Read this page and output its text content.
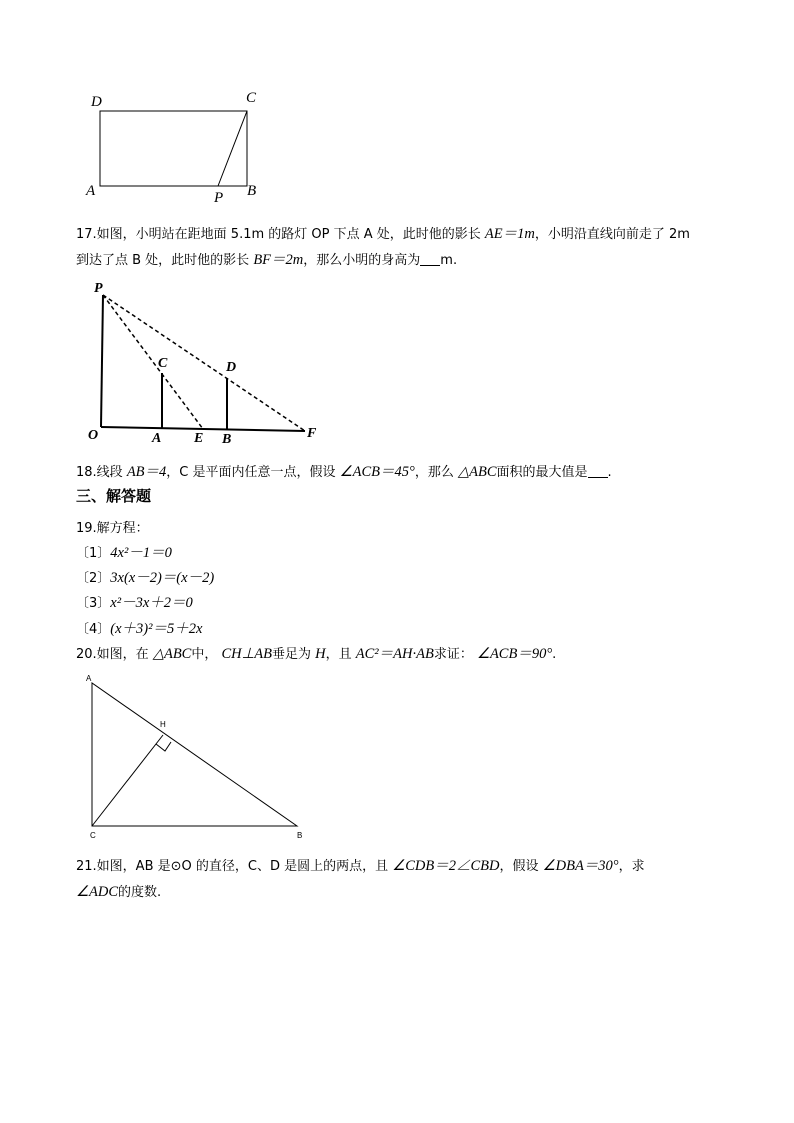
D	C
A	P B
17.如图，小明站在距地面 5.1m 的路灯 OP 下点 A 处，此时他的影长 AE＝1m，小明沿直线向前走了 2m
到达了点 B 处，此时他的影长 BF＝2m，那么小明的身高为 m.
P
C	D
O	A E B	F
18.线段 AB＝4，C 是平面内任意一点，假设 ∠ACB＝45°，那么 △ABC面积的最大值是 .
三、解答题
19.解方程：
〔1〕4x²－1＝0
〔2〕3x(x－2)＝(x－2)
〔3〕x²－3x＋2＝0
〔4〕(x＋3)²＝5＋2x
20.如图，在 △ABC中， CH⊥AB垂足为 H，且 AC²＝AH·AB求证： ∠ACB＝90°.
A
H
C	B
21.如图，AB 是⊙O 的直径，C、D 是圆上的两点，且 ∠CDB＝2∠CBD，假设 ∠DBA＝30°，求
∠ADC的度数.
